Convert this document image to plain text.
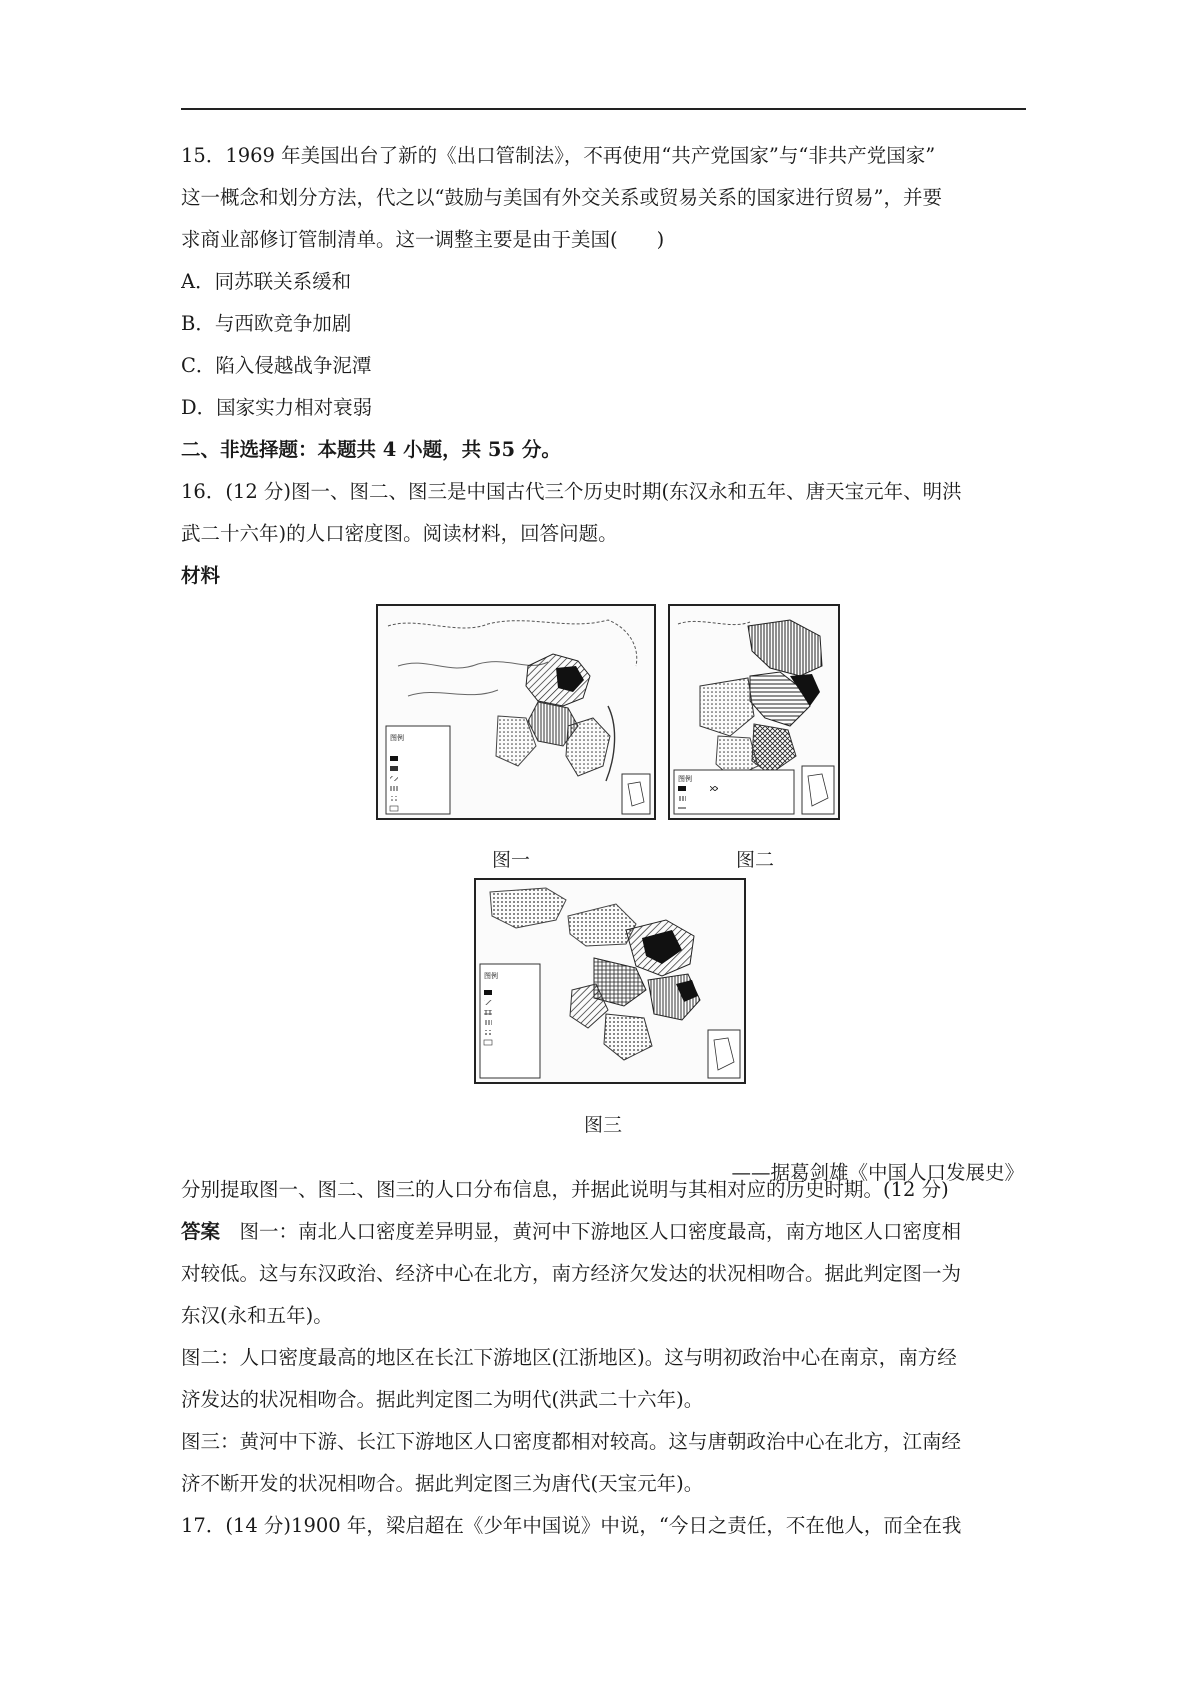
15．1969 年美国出台了新的《出口管制法》，不再使用“共产党国家”与“非共产党国家”

这一概念和划分方法，代之以“鼓励与美国有外交关系或贸易关系的国家进行贸易”，并要

求商业部修订管制清单。这一调整主要是由于美国(　　)

A．同苏联关系缓和

B．与西欧竞争加剧

C．陷入侵越战争泥潭

D．国家实力相对衰弱

二、非选择题：本题共 4 小题，共 55 分。

16．(12 分)图一、图二、图三是中国古代三个历史时期(东汉永和五年、唐天宝元年、明洪

武二十六年)的人口密度图。阅读材料，回答问题。

材料

图例
图例

图一	图二

图例

图三

——据葛剑雄《中国人口发展史》

分别提取图一、图二、图三的人口分布信息，并据此说明与其相对应的历史时期。(12 分)

答案　图一：南北人口密度差异明显，黄河中下游地区人口密度最高，南方地区人口密度相

对较低。这与东汉政治、经济中心在北方，南方经济欠发达的状况相吻合。据此判定图一为

东汉(永和五年)。

图二：人口密度最高的地区在长江下游地区(江浙地区)。这与明初政治中心在南京，南方经

济发达的状况相吻合。据此判定图二为明代(洪武二十六年)。

图三：黄河中下游、长江下游地区人口密度都相对较高。这与唐朝政治中心在北方，江南经

济不断开发的状况相吻合。据此判定图三为唐代(天宝元年)。

17．(14 分)1900 年，梁启超在《少年中国说》中说，“今日之责任，不在他人，而全在我
